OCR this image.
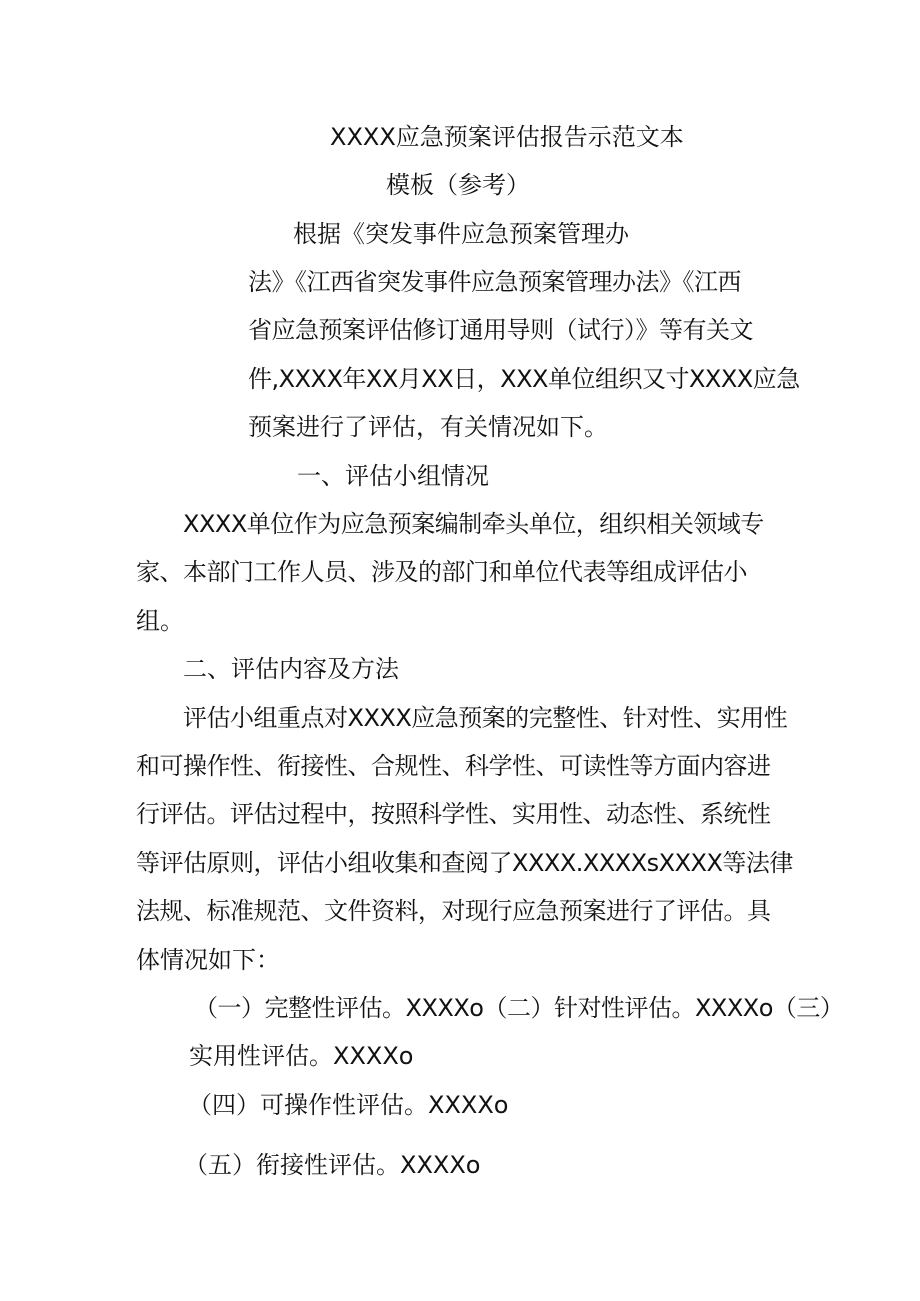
XXXX应急预案评估报告示范文本
模板（参考）
根据《突发事件应急预案管理办
法》《江西省突发事件应急预案管理办法》《江西
省应急预案评估修订通用导则（试行）》等有关文
件,XXXX年XX月XX日，XXX单位组织又寸XXXX应急
预案进行了评估，有关情况如下。
一、评估小组情况
XXXX单位作为应急预案编制牵头单位，组织相关领域专
家、本部门工作人员、涉及的部门和单位代表等组成评估小
组。
二、评估内容及方法
评估小组重点对XXXX应急预案的完整性、针对性、实用性
和可操作性、衔接性、合规性、科学性、可读性等方面内容进
行评估。评估过程中，按照科学性、实用性、动态性、系统性
等评估原则，评估小组收集和查阅了XXXX.XXXXsXXXX等法律
法规、标准规范、文件资料，对现行应急预案进行了评估。具
体情况如下：
（一）完整性评估。XXXXo（二）针对性评估。XXXXo（三）
实用性评估。XXXXo
（四）可操作性评估。XXXXo
（五）衔接性评估。XXXXo
